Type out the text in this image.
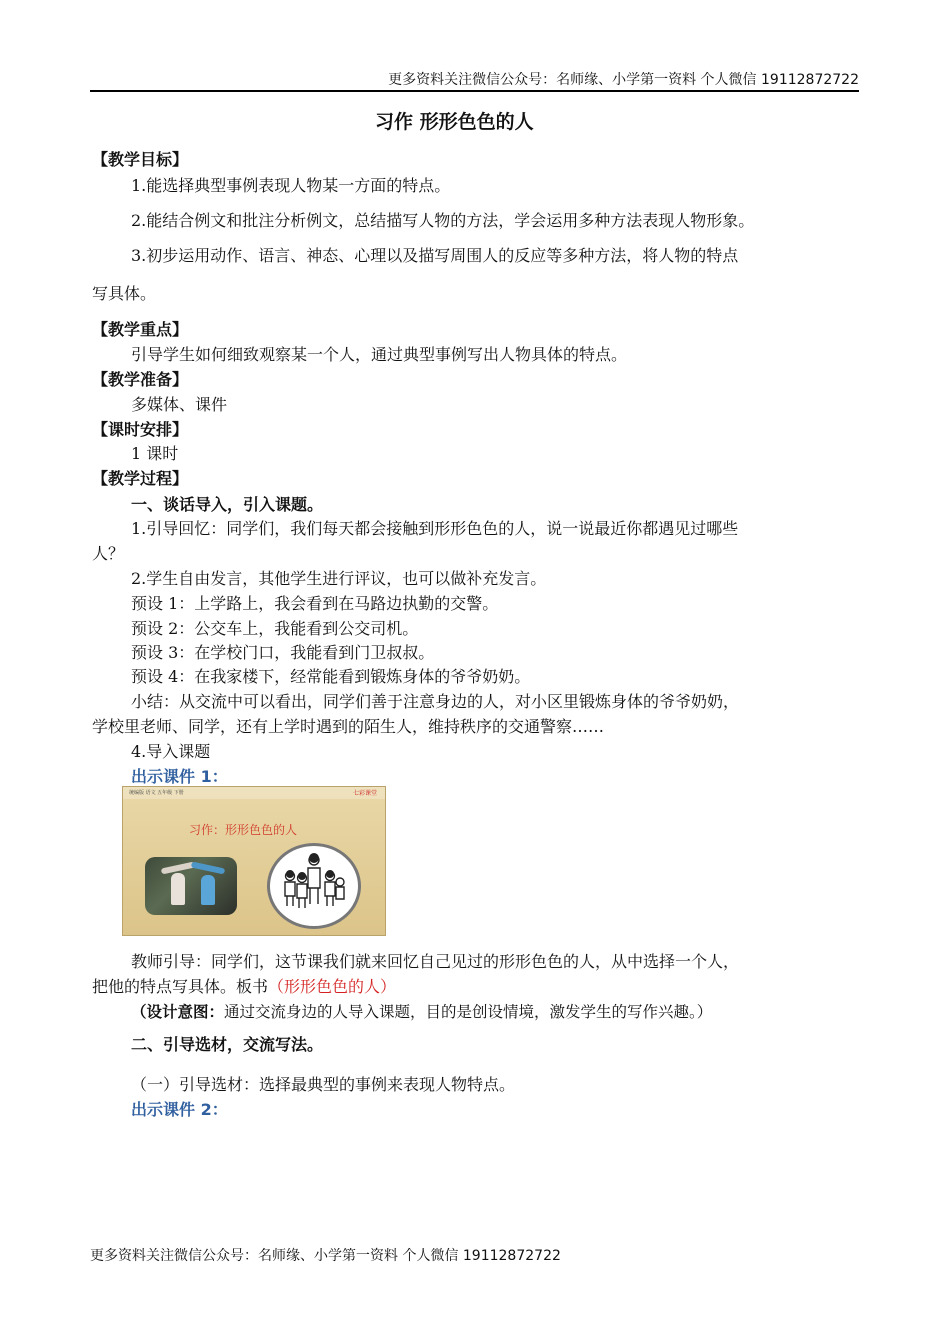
更多资料关注微信公众号：名师缘、小学第一资料 个人微信 19112872722
习作 形形色色的人
【教学目标】
1.能选择典型事例表现人物某一方面的特点。
2.能结合例文和批注分析例文，总结描写人物的方法，学会运用多种方法表现人物形象。
3.初步运用动作、语言、神态、心理以及描写周围人的反应等多种方法，将人物的特点
写具体。
【教学重点】
引导学生如何细致观察某一个人，通过典型事例写出人物具体的特点。
【教学准备】
多媒体、课件
【课时安排】
1 课时
【教学过程】
一、谈话导入，引入课题。
1.引导回忆：同学们，我们每天都会接触到形形色色的人，说一说最近你都遇见过哪些
人？
2.学生自由发言，其他学生进行评议，也可以做补充发言。
预设 1：上学路上，我会看到在马路边执勤的交警。
预设 2：公交车上，我能看到公交司机。
预设 3：在学校门口，我能看到门卫叔叔。
预设 4：在我家楼下，经常能看到锻炼身体的爷爷奶奶。
小结：从交流中可以看出，同学们善于注意身边的人，对小区里锻炼身体的爷爷奶奶，
学校里老师、同学，还有上学时遇到的陌生人，维持秩序的交通警察……
4.导入课题
出示课件 1：
统编版 语文 五年级 下册	七彩课堂
习作：形形色色的人
教师引导：同学们，这节课我们就来回忆自己见过的形形色色的人，从中选择一个人，
把他的特点写具体。板书（形形色色的人）
（设计意图：通过交流身边的人导入课题，目的是创设情境，激发学生的写作兴趣。）
二、引导选材，交流写法。
（一）引导选材：选择最典型的事例来表现人物特点。
出示课件 2：
更多资料关注微信公众号：名师缘、小学第一资料 个人微信 19112872722
